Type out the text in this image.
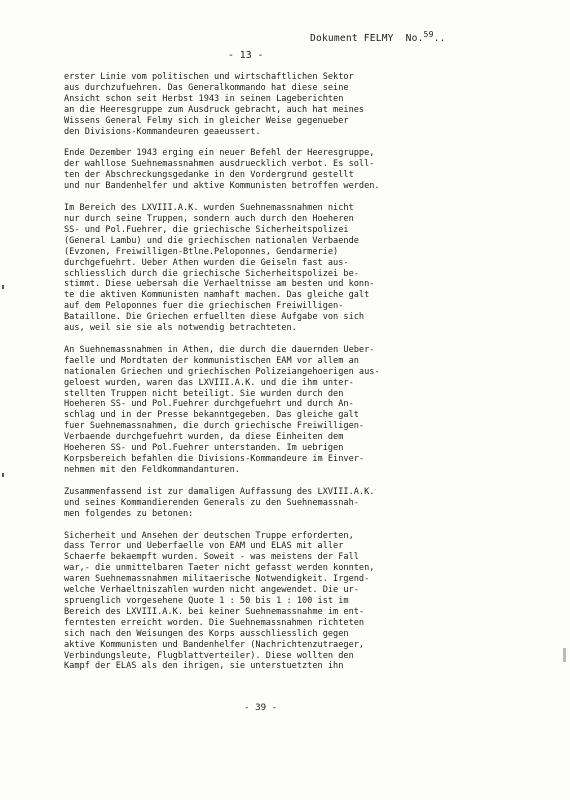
Dokument FELMY  No.$^{59}$..
- 13 -
erster Linie vom politischen und wirtschaftlichen Sektor
aus durchzufuehren. Das Generalkommando hat diese seine
Ansicht schon seit Herbst 1943 in seinen Lageberichten
an die Heeresgruppe zum Ausdruck gebracht, auch hat meines
Wissens General Felmy sich in gleicher Weise gegenueber
den Divisions-Kommandeuren geaeussert.
Ende Dezember 1943 erging ein neuer Befehl der Heeresgruppe,
der wahllose Suehnemassnahmen ausdruecklich verbot. Es soll-
ten der Abschreckungsgedanke in den Vordergrund gestellt
und nur Bandenhelfer und aktive Kommunisten betroffen werden.
Im Bereich des LXVIII.A.K. wurden Suehnemassnahmen nicht
nur durch seine Truppen, sondern auch durch den Hoeheren
SS- und Pol.Fuehrer, die griechische Sicherheitspolizei
(General Lambu) und die griechischen nationalen Verbaende
(Evzonen, Freiwilligen-Btlne.Peloponnes, Gendarmerie)
durchgefuehrt. Ueber Athen wurden die Geiseln fast aus-
schliesslich durch die griechische Sicherheitspolizei be-
stimmt. Diese uebersah die Verhaeltnisse am besten und konn-
te die aktiven Kommunisten namhaft machen. Das gleiche galt
auf dem Peloponnes fuer die griechischen Freiwilligen-
Bataillone. Die Griechen erfuellten diese Aufgabe von sich
aus, weil sie sie als notwendig betrachteten.
An Suehnemassnahmen in Athen, die durch die dauernden Ueber-
faelle und Mordtaten der kommunistischen EAM vor allem an
nationalen Griechen und griechischen Polizeiangehoerigen aus-
geloest wurden, waren das LXVIII.A.K. und die ihm unter-
stellten Truppen nicht beteiligt. Sie wurden durch den
Hoeheren SS- und Pol.Fuehrer durchgefuehrt und durch An-
schlag und in der Presse bekanntgegeben. Das gleiche galt
fuer Suehnemassnahmen, die durch griechische Freiwilligen-
Verbaende durchgefuehrt wurden, da diese Einheiten dem
Hoeheren SS- und Pol.Fuehrer unterstanden. Im uebrigen
Korpsbereich befahlen die Divisions-Kommandeure im Einver-
nehmen mit den Feldkommandanturen.
Zusammenfassend ist zur damaligen Auffassung des LXVIII.A.K.
und seines Kommandierenden Generals zu den Suehnemassnah-
men folgendes zu betonen:
Sicherheit und Ansehen der deutschen Truppe erforderten,
dass Terror und Ueberfaelle von EAM und ELAS mit aller
Schaerfe bekaempft wurden. Soweit - was meistens der Fall
war,- die unmittelbaren Taeter nicht gefasst werden konnten,
waren Suehnemassnahmen militaerische Notwendigkeit. Irgend-
welche Verhaeltniszahlen wurden nicht angewendet. Die ur-
spruenglich vorgesehene Quote 1 : 50 bis 1 : 100 ist im
Bereich des LXVIII.A.K. bei keiner Suehnemassnahme im ent-
ferntesten erreicht worden. Die Suehnemassnahmen richteten
sich nach den Weisungen des Korps ausschliesslich gegen
aktive Kommunisten und Bandenhelfer (Nachrichtenzutraeger,
Verbindungsleute, Flugblattverteiler). Diese wollten den
Kampf der ELAS als den ihrigen, sie unterstuetzten ihn
- 39 -
